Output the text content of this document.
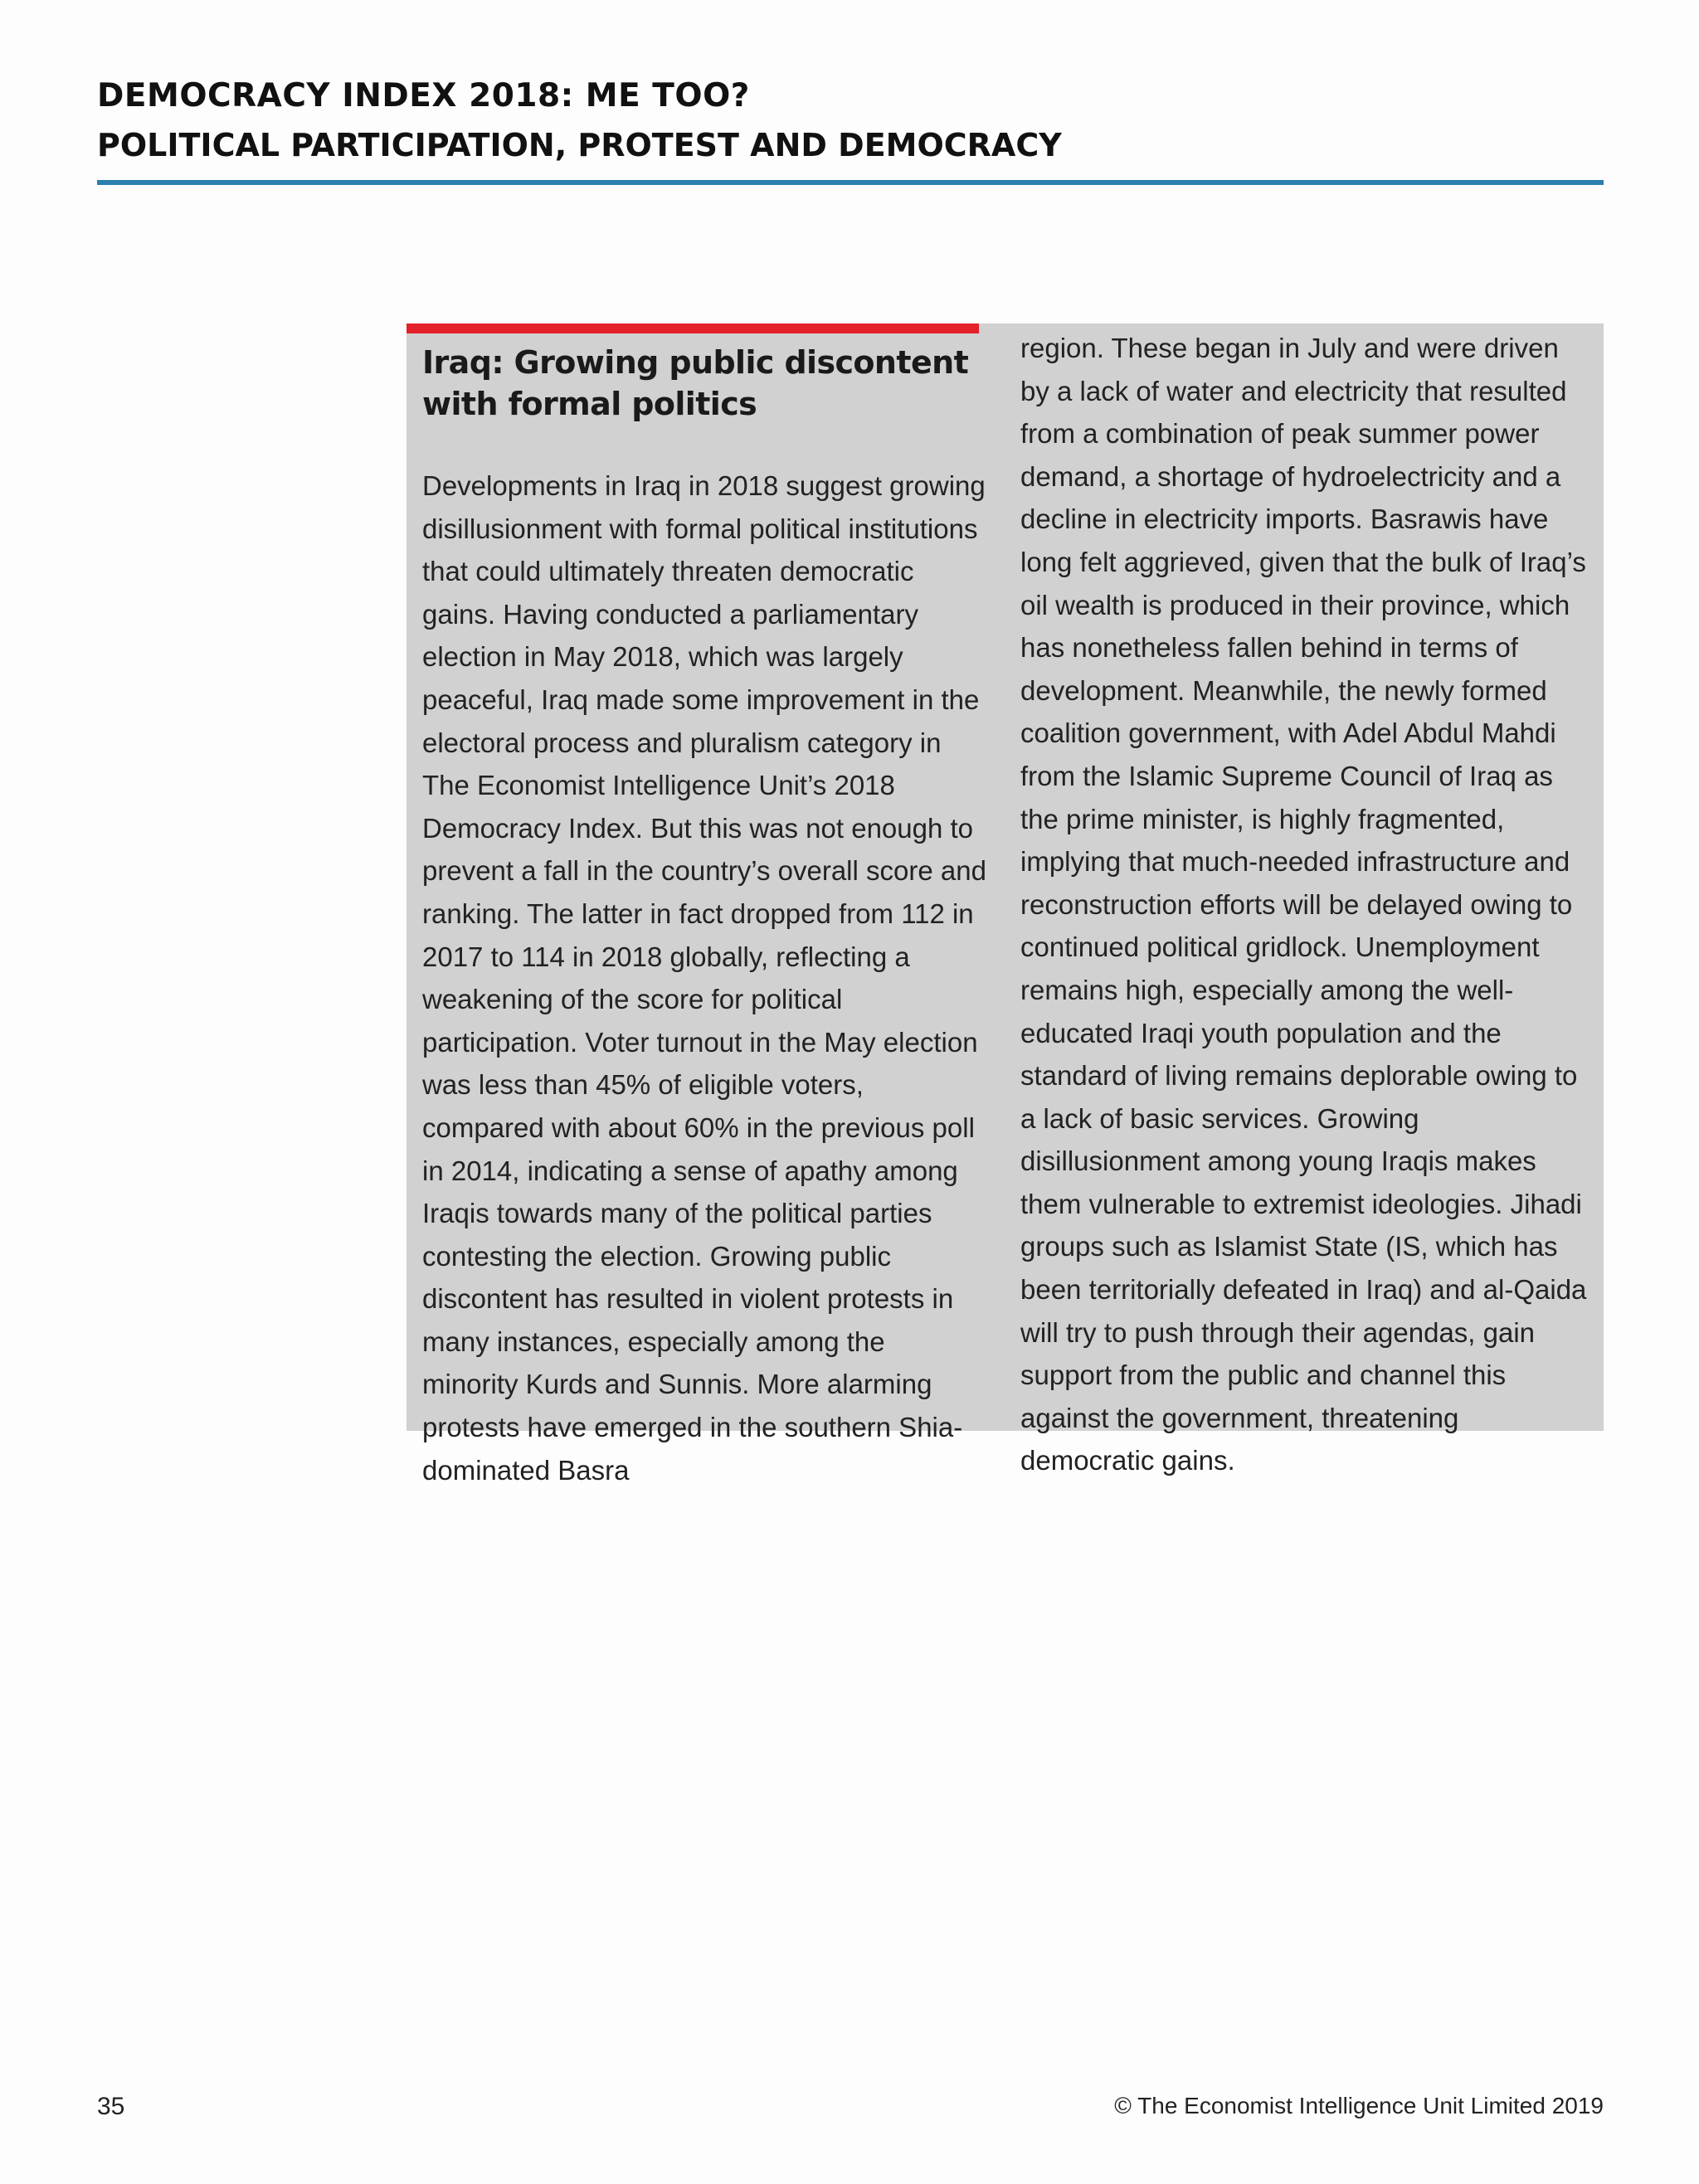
DEMOCRACY INDEX 2018: ME TOO?
POLITICAL PARTICIPATION, PROTEST AND DEMOCRACY
Iraq: Growing public discontent with formal politics

Developments in Iraq in 2018 suggest growing disillusionment with formal political institutions that could ultimately threaten democratic gains. Having conducted a parliamentary election in May 2018, which was largely peaceful, Iraq made some improvement in the electoral process and pluralism category in The Economist Intelligence Unit’s 2018 Democracy Index. But this was not enough to prevent a fall in the country’s overall score and ranking. The latter in fact dropped from 112 in 2017 to 114 in 2018 globally, reflecting a weakening of the score for political participation. Voter turnout in the May election was less than 45% of eligible voters, compared with about 60% in the previous poll in 2014, indicating a sense of apathy among Iraqis towards many of the political parties contesting the election. Growing public discontent has resulted in violent protests in many instances, especially among the minority Kurds and Sunnis. More alarming protests have emerged in the southern Shia-dominated Basra

region. These began in July and were driven by a lack of water and electricity that resulted from a combination of peak summer power demand, a shortage of hydroelectricity and a decline in electricity imports. Basrawis have long felt aggrieved, given that the bulk of Iraq’s oil wealth is produced in their province, which has nonetheless fallen behind in terms of development. Meanwhile, the newly formed coalition government, with Adel Abdul Mahdi from the Islamic Supreme Council of Iraq as the prime minister, is highly fragmented, implying that much-needed infrastructure and reconstruction efforts will be delayed owing to continued political gridlock. Unemployment remains high, especially among the well-educated Iraqi youth population and the standard of living remains deplorable owing to a lack of basic services. Growing disillusionment among young Iraqis makes them vulnerable to extremist ideologies. Jihadi groups such as Islamist State (IS, which has been territorially defeated in Iraq) and al-Qaida will try to push through their agendas, gain support from the public and channel this against the government, threatening democratic gains.

35	© The Economist Intelligence Unit Limited 2019
